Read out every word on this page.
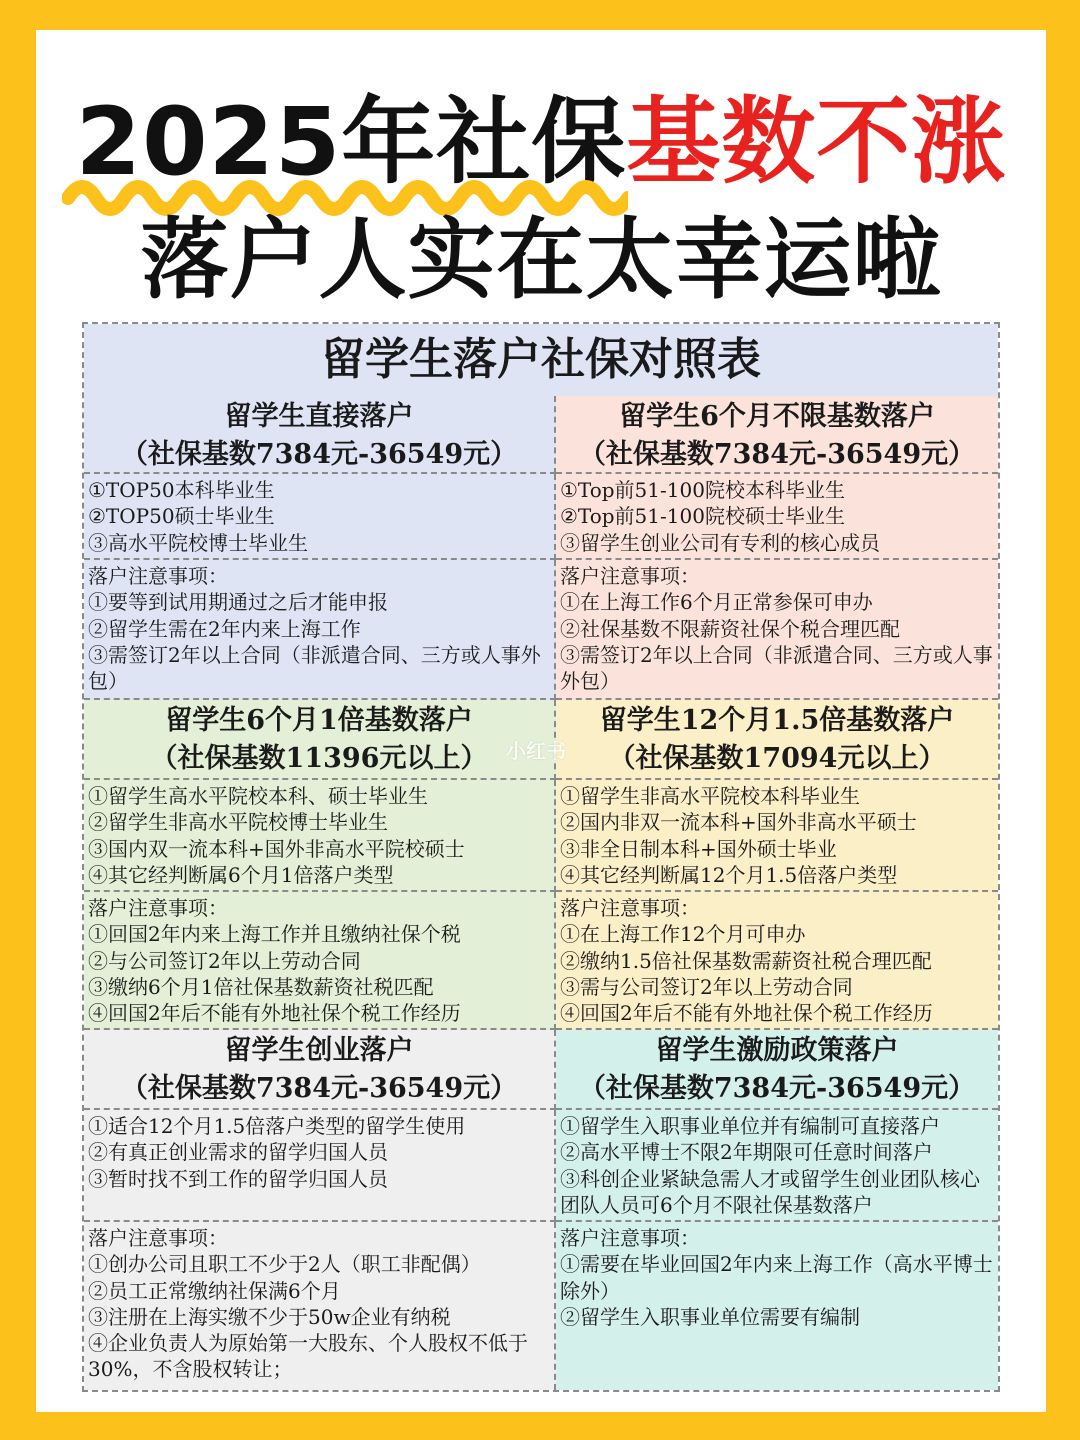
2025年社保基数不涨
落户人实在太幸运啦
留学生落户社保对照表
留学生直接落户
（社保基数7384元-36549元）
留学生6个月不限基数落户
（社保基数7384元-36549元）
①TOP50本科毕业生
②TOP50硕士毕业生
③高水平院校博士毕业生
①Top前51-100院校本科毕业生
②Top前51-100院校硕士毕业生
③留学生创业公司有专利的核心成员
落户注意事项：
①要等到试用期通过之后才能申报
②留学生需在2年内来上海工作
③需签订2年以上合同（非派遣合同、三方或人事外包）
落户注意事项：
①在上海工作6个月正常参保可申办
②社保基数不限薪资社保个税合理匹配
③需签订2年以上合同（非派遣合同、三方或人事外包）
留学生6个月1倍基数落户
（社保基数11396元以上）
留学生12个月1.5倍基数落户
（社保基数17094元以上）
①留学生高水平院校本科、硕士毕业生
②留学生非高水平院校博士毕业生
③国内双一流本科+国外非高水平院校硕士
④其它经判断属6个月1倍落户类型
①留学生非高水平院校本科毕业生
②国内非双一流本科+国外非高水平硕士
③非全日制本科+国外硕士毕业
④其它经判断属12个月1.5倍落户类型
落户注意事项：
①回国2年内来上海工作并且缴纳社保个税
②与公司签订2年以上劳动合同
③缴纳6个月1倍社保基数薪资社税匹配
④回国2年后不能有外地社保个税工作经历
落户注意事项：
①在上海工作12个月可申办
②缴纳1.5倍社保基数需薪资社税合理匹配
③需与公司签订2年以上劳动合同
④回国2年后不能有外地社保个税工作经历
留学生创业落户
（社保基数7384元-36549元）
留学生激励政策落户
（社保基数7384元-36549元）
①适合12个月1.5倍落户类型的留学生使用
②有真正创业需求的留学归国人员
③暂时找不到工作的留学归国人员
①留学生入职事业单位并有编制可直接落户
②高水平博士不限2年期限可任意时间落户
③科创企业紧缺急需人才或留学生创业团队核心团队人员可6个月不限社保基数落户
落户注意事项：
①创办公司且职工不少于2人（职工非配偶）
②员工正常缴纳社保满6个月
③注册在上海实缴不少于50w企业有纳税
④企业负责人为原始第一大股东、个人股权不低于30%，不含股权转让；
落户注意事项：
①需要在毕业回国2年内来上海工作（高水平博士除外）
②留学生入职事业单位需要有编制
小红书
